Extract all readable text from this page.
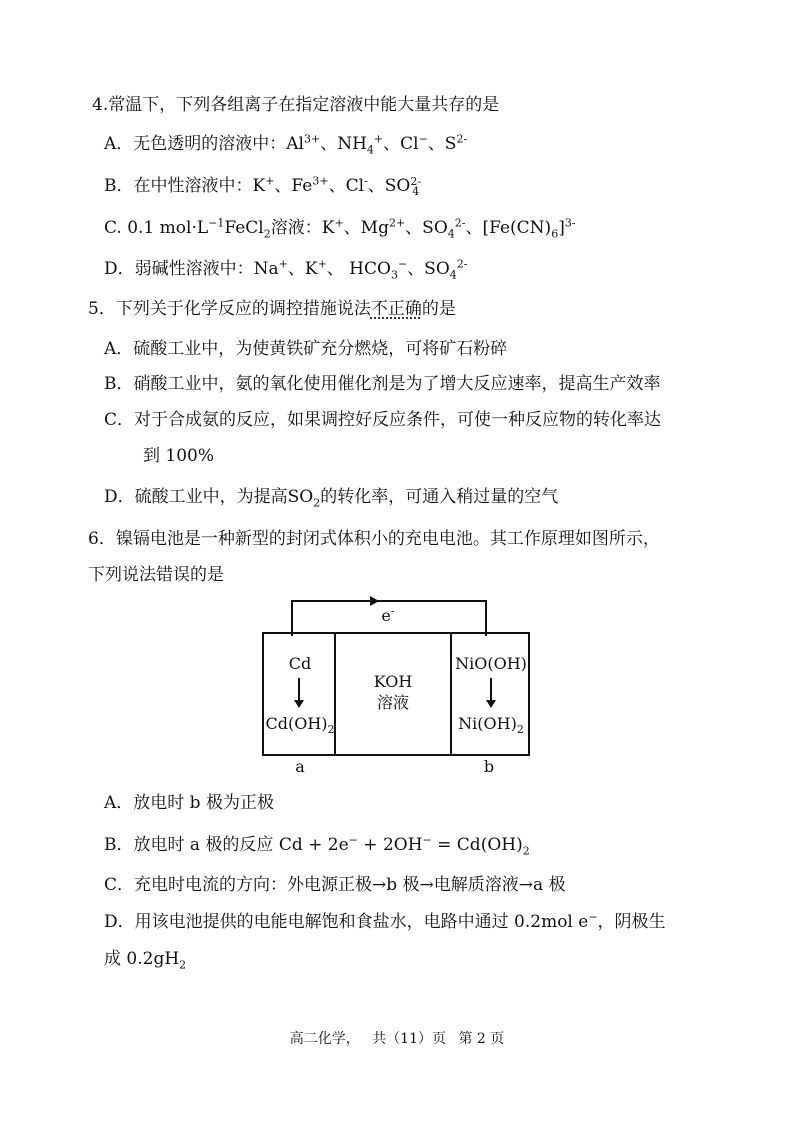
4.常温下，下列各组离子在指定溶液中能大量共存的是
A．无色透明的溶液中：$Al^{3+}$、$NH_4^+$、Cl−、$S^{2-}$
B．在中性溶液中：K+、$Fe^{3+}$、Cl-、SO 2-
4
C. 0.1 $mol\cdot L^{-1}FeCl_2$溶液：K+、$Mg^{2+}$、$SO_4^{2-}$、$[Fe(CN)_6]^{3-}$
D．弱碱性溶液中：Na+、K+、 $HCO_3^-$、$SO_4^{2-}$
5．下列关于化学反应的调控措施说法不正确的是
A．硫酸工业中，为使黄铁矿充分燃烧，可将矿石粉碎
B．硝酸工业中，氨的氧化使用催化剂是为了增大反应速率，提高生产效率
C．对于合成氨的反应，如果调控好反应条件，可使一种反应物的转化率达
到 100%
D．硫酸工业中，为提高$SO_2$的转化率，可通入稍过量的空气
6．镍镉电池是一种新型的封闭式体积小的充电电池。其工作原理如图所示，
下列说法错误的是
e-
Cd
$Cd(OH)_2$
KOH
溶液
NiO(OH)
$Ni(OH)_2$
a	b
A．放电时 b 极为正极
B．放电时 a 极的反应 $Cd + 2e^- + 2OH^- = Cd(OH)_2$
C．充电时电流的方向：外电源正极→b 极→电解质溶液→a 极
D．用该电池提供的电能电解饱和食盐水，电路中通过 0.2mol e−，阴极生
成 $0.2gH_2$
高二化学， 共（11）页 第 2 页
